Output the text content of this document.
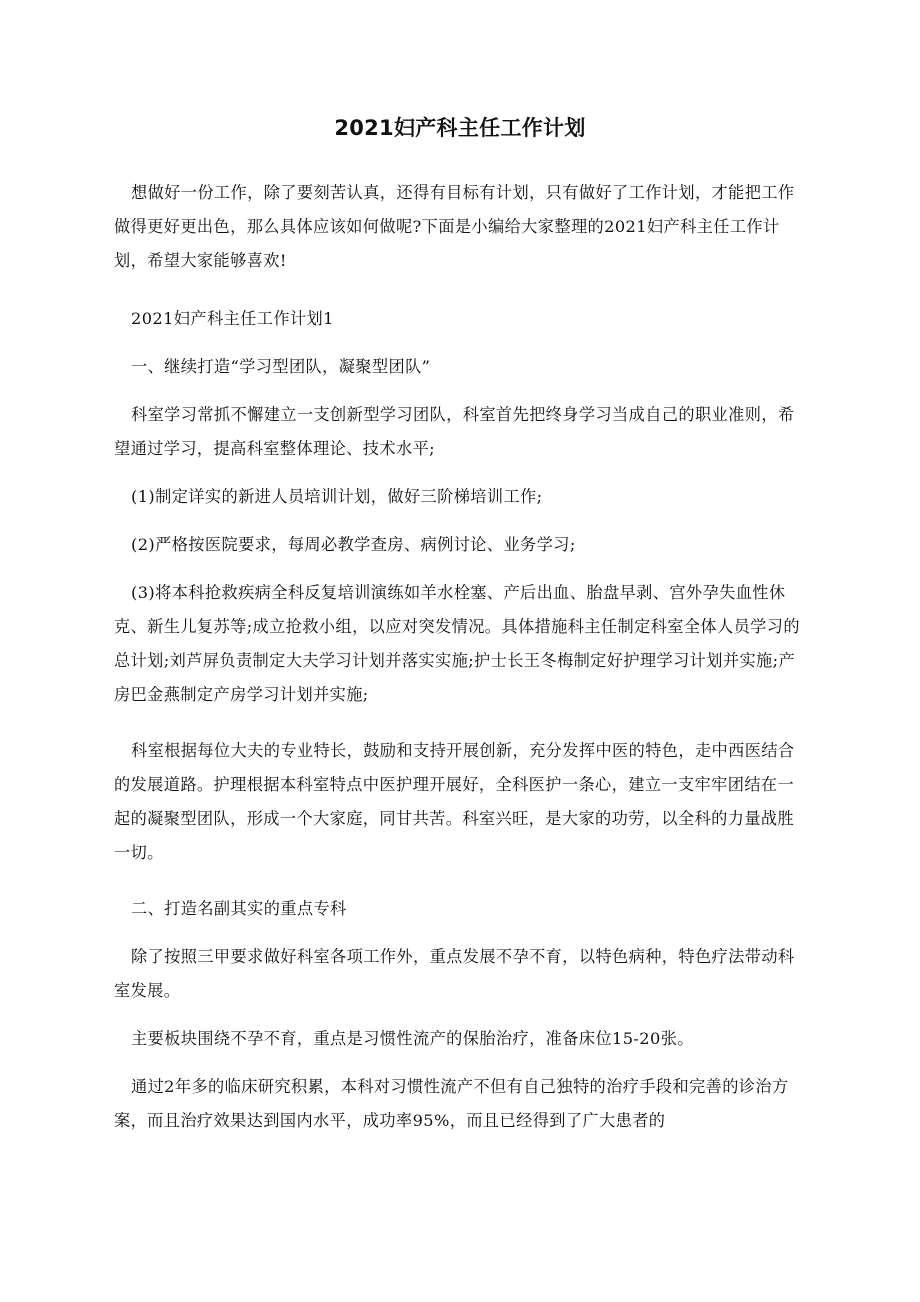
2021妇产科主任工作计划

想做好一份工作，除了要刻苦认真，还得有目标有计划，只有做好了工作计划，才能把工作做得更好更出色，那么具体应该如何做呢?下面是小编给大家整理的2021妇产科主任工作计划，希望大家能够喜欢!

2021妇产科主任工作计划1

一、继续打造“学习型团队，凝聚型团队”

科室学习常抓不懈建立一支创新型学习团队，科室首先把终身学习当成自己的职业准则，希望通过学习，提高科室整体理论、技术水平;

(1)制定详实的新进人员培训计划，做好三阶梯培训工作;

(2)严格按医院要求，每周必教学查房、病例讨论、业务学习;

(3)将本科抢救疾病全科反复培训演练如羊水栓塞、产后出血、胎盘早剥、宫外孕失血性休克、新生儿复苏等;成立抢救小组，以应对突发情况。具体措施科主任制定科室全体人员学习的总计划;刘芦屏负责制定大夫学习计划并落实实施;护士长王冬梅制定好护理学习计划并实施;产房巴金燕制定产房学习计划并实施;

科室根据每位大夫的专业特长，鼓励和支持开展创新，充分发挥中医的特色，走中西医结合的发展道路。护理根据本科室特点中医护理开展好，全科医护一条心，建立一支牢牢团结在一起的凝聚型团队，形成一个大家庭，同甘共苦。科室兴旺，是大家的功劳，以全科的力量战胜一切。

二、打造名副其实的重点专科

除了按照三甲要求做好科室各项工作外，重点发展不孕不育，以特色病种，特色疗法带动科室发展。

主要板块围绕不孕不育，重点是习惯性流产的保胎治疗，准备床位15-20张。

通过2年多的临床研究积累，本科对习惯性流产不但有自己独特的治疗手段和完善的诊治方案，而且治疗效果达到国内水平，成功率95%，而且已经得到了广大患者的
